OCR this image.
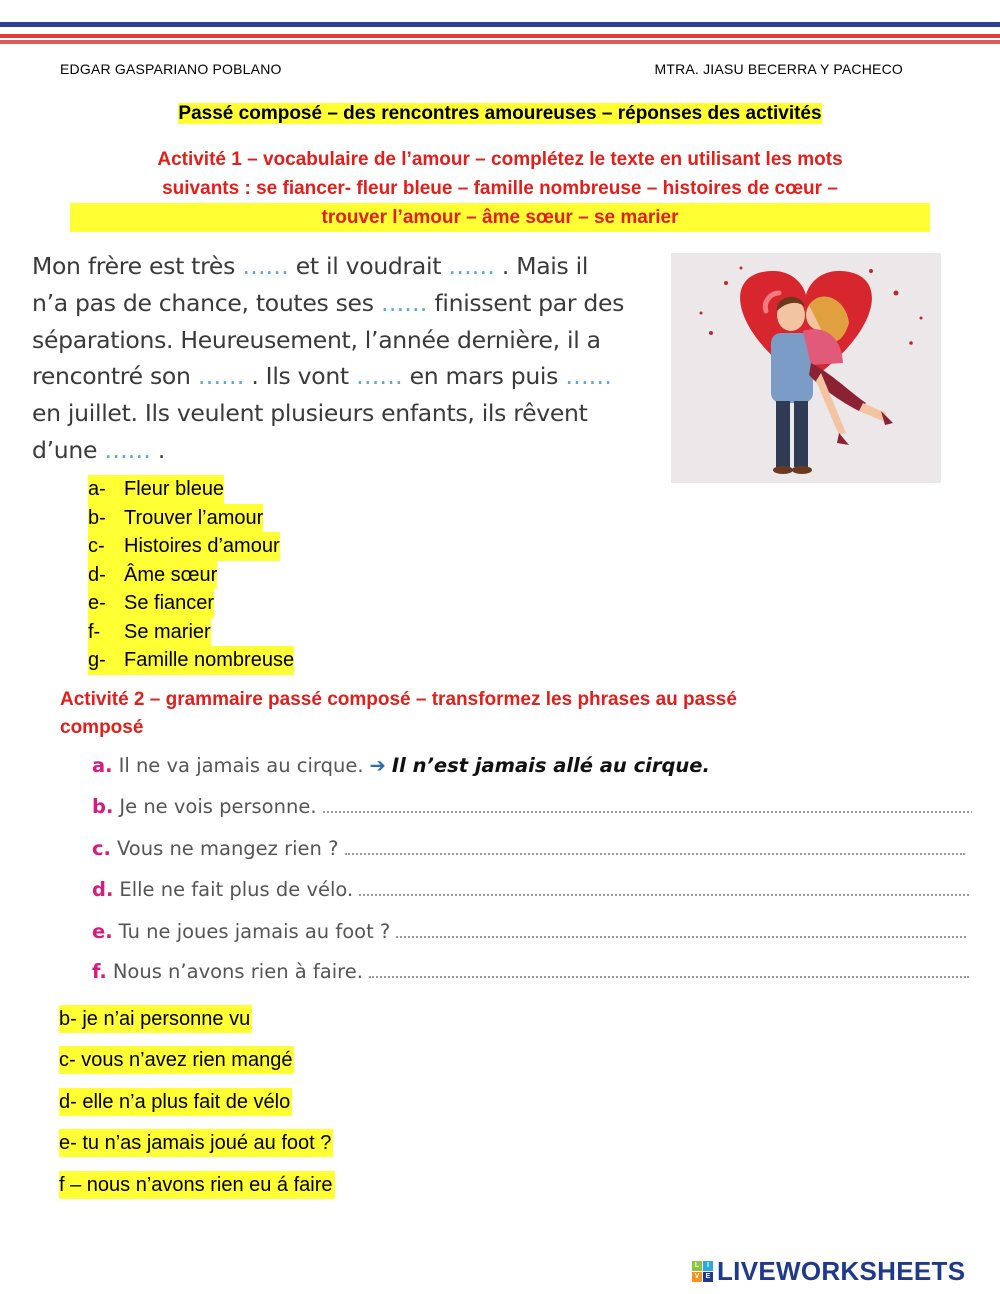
EDGAR GASPARIANO POBLANO	MTRA. JIASU BECERRA Y PACHECO
Passé composé – des rencontres amoureuses – réponses des activités
Activité 1 – vocabulaire de l’amour – complétez le texte en utilisant les mots
suivants : se fiancer- fleur bleue – famille nombreuse – histoires de cœur –
trouver l’amour – âme sœur – se marier
Mon frère est très …… et il voudrait …… . Mais il
n’a pas de chance, toutes ses …… finissent par des
séparations. Heureusement, l’année dernière, il a
rencontré son …… . Ils vont …… en mars puis ……
en juillet. Ils veulent plusieurs enfants, ils rêvent
d’une …… .
a- Fleur bleue
b- Trouver l’amour
c- Histoires d’amour
d- Âme sœur
e- Se fiancer
f- Se marier
g- Famille nombreuse
Activité 2 – grammaire passé composé – transformez les phrases au passé
composé
a. Il ne va jamais au cirque. ➔ Il n’est jamais allé au cirque.
b. Je ne vois personne.
c. Vous ne mangez rien ?
d. Elle ne fait plus de vélo.
e. Tu ne joues jamais au foot ?
f. Nous n’avons rien à faire.
b- je n’ai personne vu
c- vous n’avez rien mangé
d- elle n’a plus fait de vélo
e- tu n’as jamais joué au foot ?
f – nous n’avons rien eu á faire
L	I
V E LIVEWORKSHEETS
